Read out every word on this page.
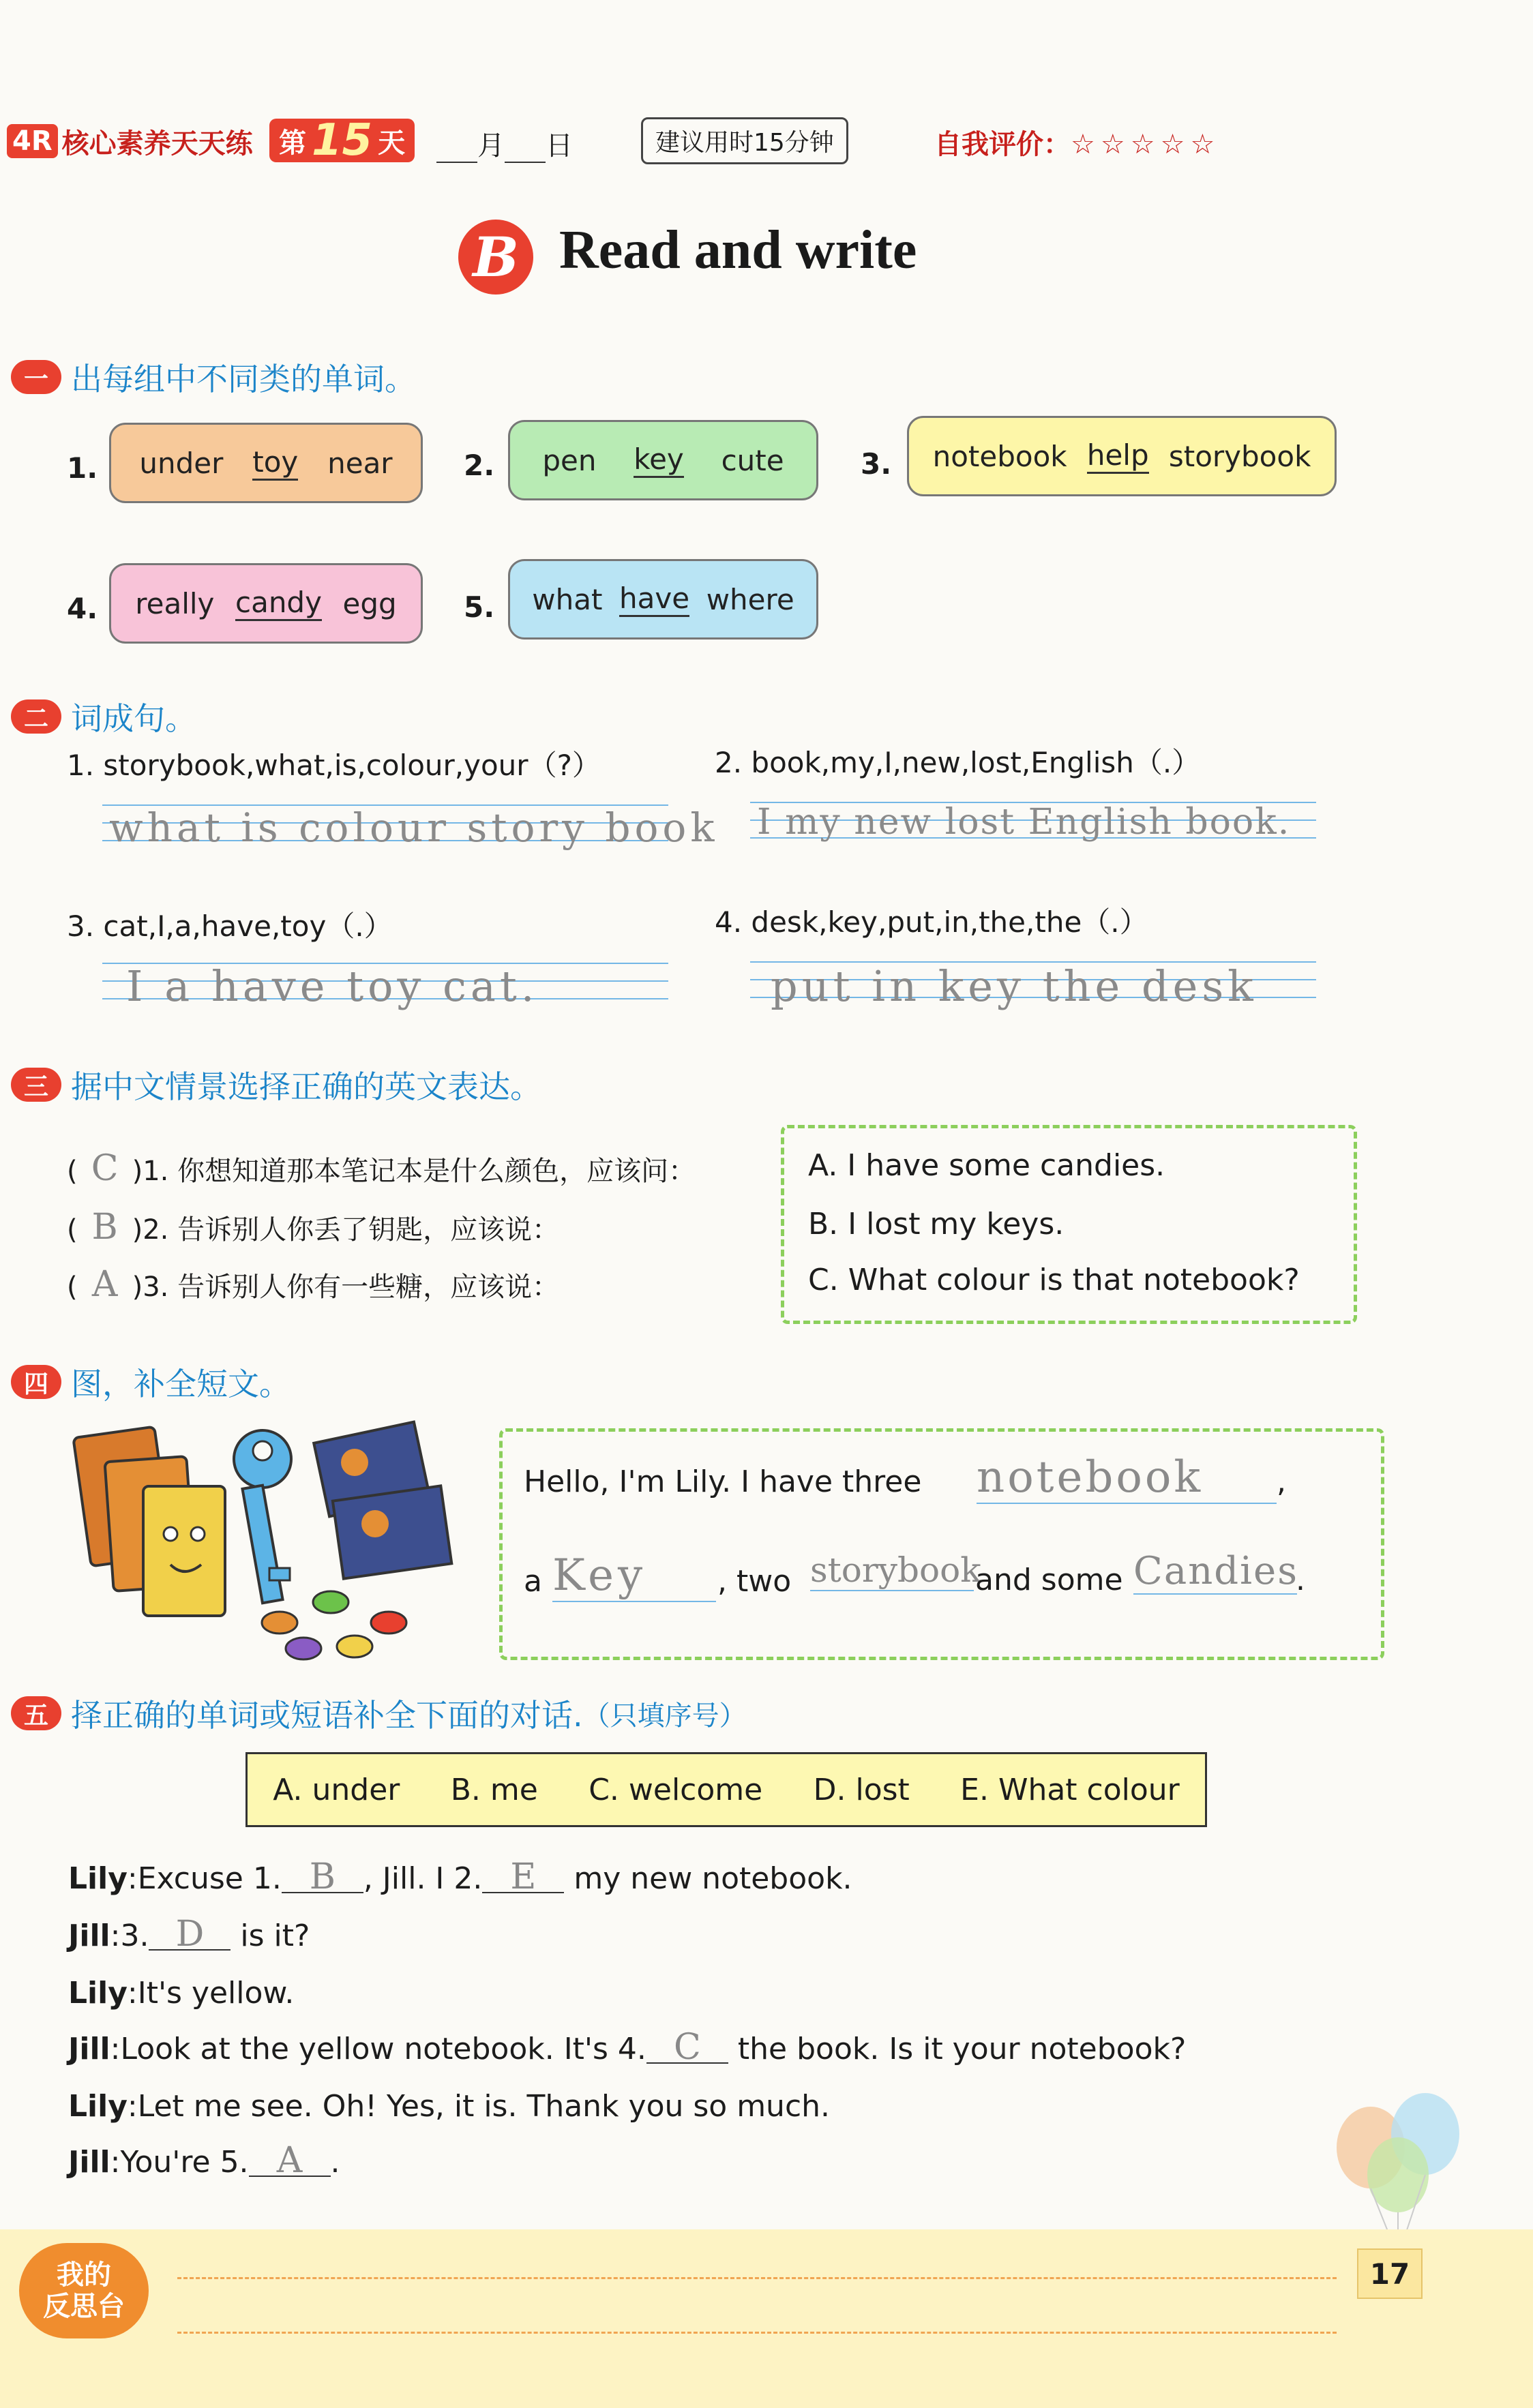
4R 核心素养天天练 第 15 天	月 日	建议用时15分钟	自我评价：☆☆☆☆☆
B Read and write
一 出每组中不同类的单词。
1. under toy near 2. pen key cute	3. notebook help storybook
4. really candy egg 5. what have where
二 词成句。
1. storybook,what,is,colour,your（?）
what is colour story book
2. book,my,I,new,lost,English（.）
I my new lost English book.
3. cat,I,a,have,toy（.）
I a have toy cat.
4. desk,key,put,in,the,the（.）
put in key the desk
三 据中文情景选择正确的英文表达。
( C )1. 你想知道那本笔记本是什么颜色，应该问：
( B )2. 告诉别人你丢了钥匙，应该说：
( A )3. 告诉别人你有一些糖，应该说：
A. I have some candies.
B. I lost my keys.
C. What colour is that notebook?
四 图，补全短文。
Hello, I'm Lily. I have three notebook	,
a Key	, two storybook
and some Candies
.
五 择正确的单词或短语补全下面的对话. （只填序号）
A. under B. me C. welcome D. lost E. What colour
Lily:Excuse 1. B , Jill. I 2. E my new notebook.
Jill:3. D is it?
Lily:It's yellow.
Jill:Look at the yellow notebook. It's 4. C the book. Is it your notebook?
Lily:Let me see. Oh! Yes, it is. Thank you so much.
Jill:You're 5. A .
我的
反思台
17
